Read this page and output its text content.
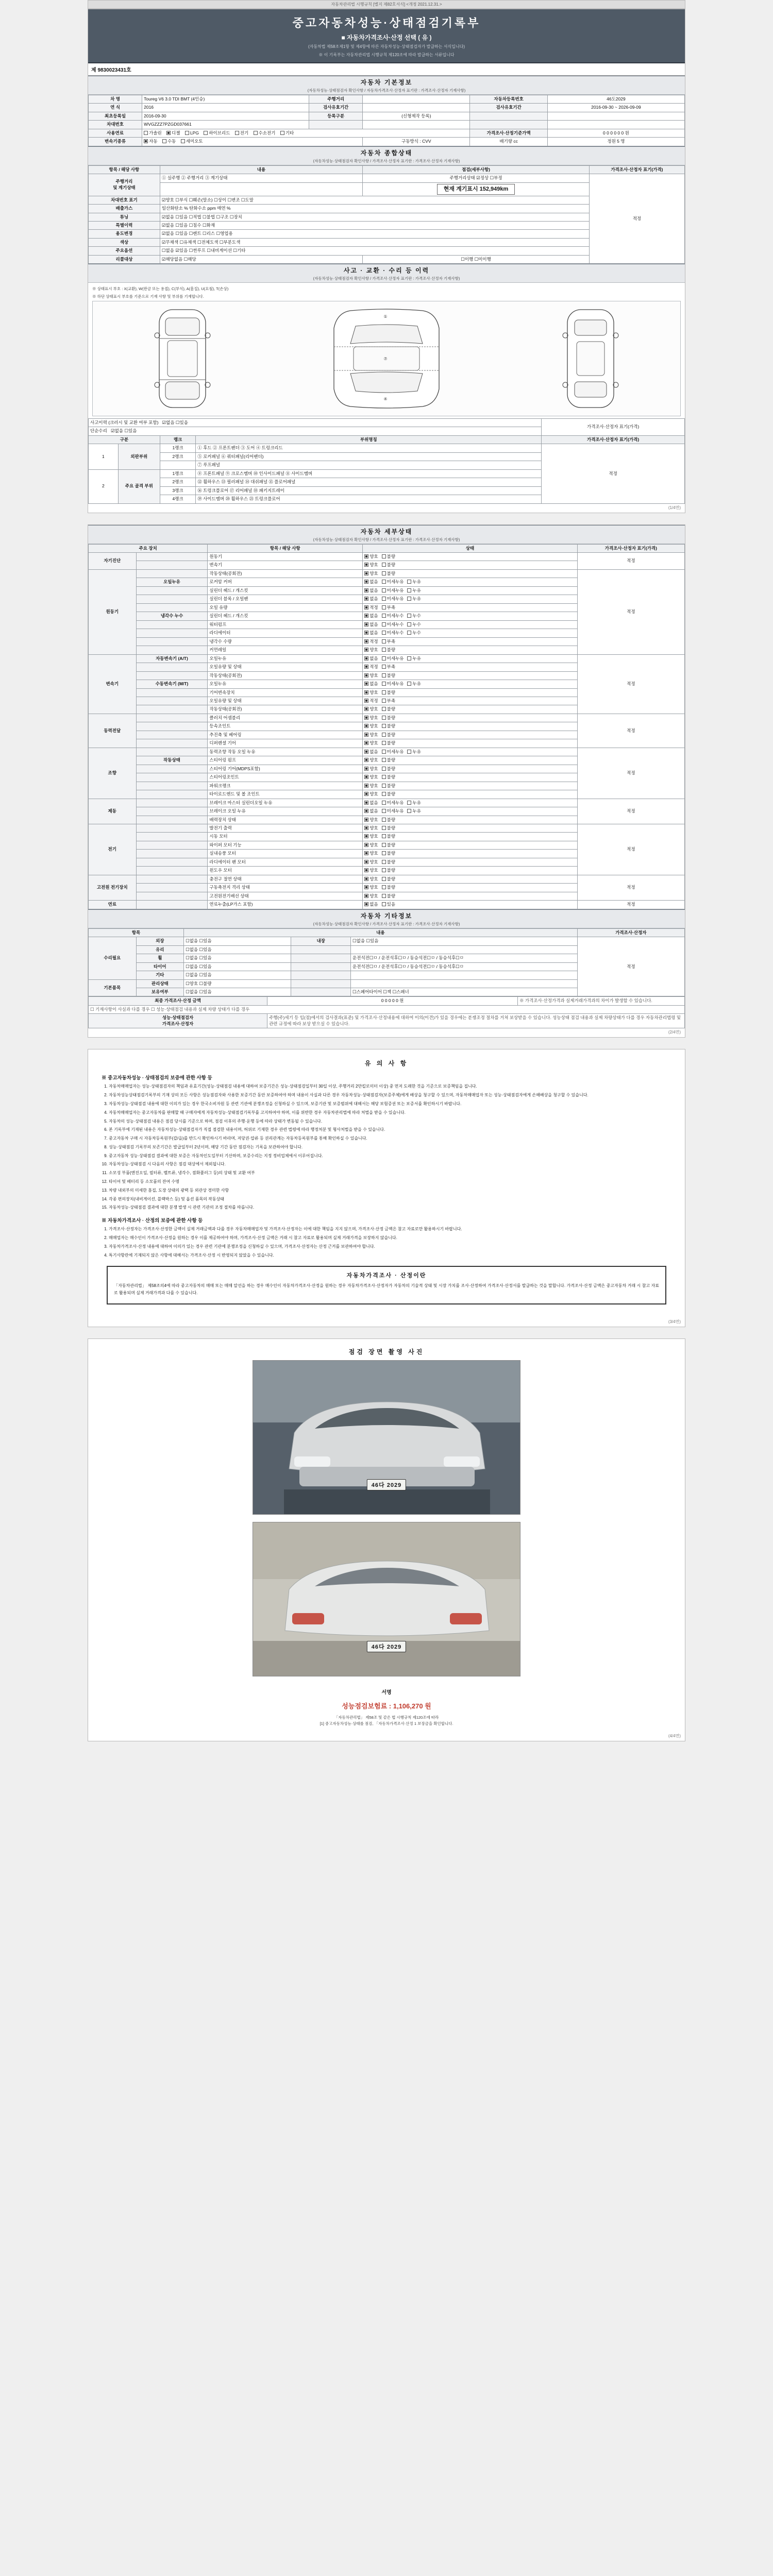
자동차관리법 시행규칙 [별지 제82호서식] <개정 2021.12.31.>
중고자동차성능·상태점검기록부
■ 자동차가격조사·산정 선택 ( 유 )
(자동차법 제58조제1항 및 제4항에 따른 자동차성능·상태점검자가 발급하는 서식입니다)
※ 이 기록부는 자동차관리법 시행규칙 제120조에 따라 발급하는 서류입니다
제 9830023431호
자동차 기본정보
(자동차성능·상태점검자 확인사항 / 자동차가격조사·산정자 표기란 : 가격조사·산정자 기재사항)
차 명	Toureg V6 3.0 TDI BMT (4인승)	주행거리		자동차등록번호	46도2029
연 식	2016	검사유효기간		검사유효기간	2016-09-30 ~ 2026-09-09
최초등록일	2016-09-30	등록구분	(신형제작 등록)		
차대번호	WVGZZZ7PZGD037661				
사용연료	가솔린 디젤 LPG 하이브리드 전기 수소전기 기타			가격조사·산정기준가액	0 0 0 0 0 0 원
변속기종류	자동 수동 세미오토		구동방식 : CVV	배기량 cc	정원 5 명
자동차 종합상태
(자동차성능·상태점검자 확인사항 / 가격조사·산정자 표기란 : 가격조사·산정자 기재사항)
항목 / 해당 사항	내용	점검(세부사항)	가격조사·산정자 표기(가격)
주행거리
및 계기상태	① 실주행 ② 주행거리 ③ 계기상태	주행거리상태 ☑정상 ☐부정	적정
		현재 계기표시 152,949km	
차대번호 표기	☑양호 ☐부식 ☐훼손(말소) ☐상이 ☐변조 ☐도말		
배출가스	일산화탄소 % 탄화수소 ppm 매연 %		
튜닝	☑없음 ☐있음 ☐적법 ☐불법 ☐구조 ☐장치		
특별이력	☑없음 ☐있음 ☐침수 ☐화재		
용도변경	☑없음 ☐있음 ☐렌트 ☐리스 ☐영업용		
색상	☑무채색 ☐유채색 ☐전체도색 ☐부분도색		
주요옵션	☐없음 ☑있음 ☐썬루프 ☐내비게이션 ☐기타		
리콜대상	☑해당없음 ☐해당	☐이행 ☐미이행	
사고 · 교환 · 수리 등 이력
(자동차성능·상태점검자 확인사항 / 가격조사·산정자 표기란 : 가격조사·산정자 기재사항)
※ 상태표시 부호 : X(교환), W(판금 또는 용접), C(부식), A(흠집), U(요철), T(손상)
※ 하단 상태표시 부호를 기준으로 기재 사항 및 부위를 기재합니다.
①
⑦
④
사고이력 (크러시 및 교환 여부 포함) ☑없음 ☐있음				가격조사·산정자 표기(가격)
단순수리 ☑없음 ☐있음				
구분		랭크	부위명칭	가격조사·산정자 표기(가격)
1	외판부위	1랭크	① 후드 ② 프론트팬더 ③ 도어 ④ 트렁크리드	적정
		2랭크	⑤ 로커패널 ⑥ 쿼터패널(리어팬더)	
			⑦ 루프패널	
2	주요 골격 부위	1랭크	⑧ 프론트패널 ⑨ 크로스멤버 ⑩ 인사이드패널 ⑪ 사이드멤버	
		2랭크	⑫ 휠하우스 ⑬ 필러패널 ⑭ 대쉬패널 ⑮ 플로어패널	
		3랭크	⑯ 트렁크플로어 ⑰ 리어패널 ⑱ 패키지트레이	
		4랭크	⑲ 사이드멤버 ⑳ 휠하우스 ㉑ 트렁크플로어	
(1/4면)
자동차 세부상태
(자동차성능·상태점검자 확인사항 / 가격조사·산정자 표기란 : 가격조사·산정자 기재사항)
주요 장치		항목 / 해당 사항	상태	가격조사·산정자 표기(가격)
자기진단		원동기	양호 불량	적정
		변속기	양호 불량	
원동기		작동상태(공회전)	양호 불량	적정
	오일누유	로커암 커버	없음 미세누유 누유	
		실린더 헤드 / 개스킷	없음 미세누유 누유	
		실린더 블록 / 오일팬	없음 미세누유 누유	
		오일 유량	적정 부족	
	냉각수 누수	실린더 헤드 / 개스킷	없음 미세누수 누수	
		워터펌프	없음 미세누수 누수	
		라디에이터	없음 미세누수 누수	
		냉각수 수량	적정 부족	
		커먼레일	양호 불량	
변속기	자동변속기 (A/T)	오일누유	없음 미세누유 누유	적정
		오일유량 및 상태	적정 부족	
		작동상태(공회전)	양호 불량	
	수동변속기 (M/T)	오일누유	없음 미세누유 누유	
		기어변속장치	양호 불량	
		오일유량 및 상태	적정 부족	
		작동상태(공회전)	양호 불량	
동력전달		클러치 어셈블리	양호 불량	적정
		등속조인트	양호 불량	
		추진축 및 베어링	양호 불량	
		디퍼렌셜 기어	양호 불량	
조향		동력조향 작동 오일 누유	없음 미세누유 누유	적정
	작동상태	스티어링 펌프	양호 불량	
		스티어링 기어(MDPS포함)	양호 불량	
		스티어링조인트	양호 불량	
		파워크랭크	양호 불량	
		타이로드엔드 및 볼 조인트	양호 불량	
제동		브레이크 마스터 실린더오일 누유	없음 미세누유 누유	적정
		브레이크 오일 누유	없음 미세누유 누유	
		배력장치 상태	양호 불량	
전기		발전기 출력	양호 불량	적정
		시동 모터	양호 불량	
		와이퍼 모터 기능	양호 불량	
		실내송풍 모터	양호 불량	
		라디에이터 팬 모터	양호 불량	
		윈도우 모터	양호 불량	
고전원 전기장치		충전구 절연 상태	양호 불량	적정
		구동축전지 격리 상태	양호 불량	
		고전원전기배선 상태	양호 불량	
연료		연료누출(LP가스 포함)	없음 있음	적정
자동차 기타정보
(자동차성능·상태점검자 확인사항 / 가격조사·산정자 표기란 : 가격조사·산정자 기재사항)
항목		내용			가격조사·산정자
수리필요	외장	☐없음 ☐있음	내장	☐없음 ☐있음	적정
	유리	☐없음 ☐있음			
	휠	☐없음 ☐있음		운전석전☐ㅁ / 운전석후☐ㅁ / 동승석전☐ㅁ / 동승석후☐ㅁ	
	타이어	☐없음 ☐있음		운전석전☐ㅁ / 운전석후☐ㅁ / 동승석전☐ㅁ / 동승석후☐ㅁ	
	기타	☐없음 ☐있음			
기본품목	관리상태	☐양호 ☐불량			
	보유여부	☐없음 ☐있음		☐스페어타이어 ☐잭 ☐스패너	
최종 가격조사·산정 금액	0 0 0 0 0 원	※ 가격조사·산정가격과 실제거래가격과의 차이가 발생할 수 있습니다.
☐ 기재사항이 사실과 다를 경우 ☐ 성능·상태점검 내용과 실제 차량 상태가 다를 경우		
성능·상태점검자
가격조사·산정자	주행(주)세기 등 입(점)에서의 검사결과(표준) 및 가격조사·산정내용에 대하여 이의(이견)가 있을 경우에는 분쟁조정 절차를 거쳐 보상받을 수 있습니다. 성능상태 점검 내용과 실제 차량상태가 다를 경우 자동차관리법령 및 관련 규정에 따라 보상 받으실 수 있습니다.	
(2/4면)
유 의 사 항
※ 중고자동차성능 · 상태점검의 보증에 관한 사항 등
1. 자동차매매업자는 성능·상태점검자의 책임과 유효기간(성능·상태점검 내용에 대하여 보증기간은 성능·상태점검일부터 30일 이상, 주행거리 2만킬로미터 이상) 중 먼저 도래한 것을 기준으로 보증책임을 집니다.
2. 자동차성능상태점검기록부의 기재 상의 모든 사항은 성능점검자와 사용한 보증기간 동안 보증하여야 하며 내용이 사실과 다른 경우 자동차성능·상태점검자(보증주체)에게 배상을 청구할 수 있으며, 자동차매매업자 또는 성능·상태점검자에게 손해배상을 청구할 수 있습니다.
3. 자동차성능·상태점검 내용에 대한 이의가 있는 경우 한국소비자원 등 관련 기관에 분쟁조정을 신청하실 수 있으며, 보증기관 및 보증범위에 대해서는 해당 보험증권 또는 보증서를 확인하시기 바랍니다.
4. 자동차매매업자는 중고자동차를 판매할 때 구매자에게 자동차성능·상태점검기록부를 고지하여야 하며, 이를 위반한 경우 자동차관리법에 따라 처벌을 받을 수 있습니다.
5. 자동차의 성능·상태점검 내용은 점검 당시를 기준으로 하며, 점검 이후의 주행·운행 등에 따라 상태가 변동될 수 있습니다.
6. 본 기록부에 기재된 내용은 자동차성능·상태점검자가 직접 점검한 내용이며, 허위로 기재한 경우 관련 법령에 따라 행정처분 및 형사처벌을 받을 수 있습니다.
7. 중고자동차 구매 시 자동차등록원부(갑/을)를 반드시 확인하시기 바라며, 저당권·압류 등 권리관계는 자동차등록원부를 통해 확인하실 수 있습니다.
8. 성능·상태점검 기록부의 보존기간은 발급일부터 2년이며, 해당 기간 동안 점검자는 기록을 보관하여야 합니다.
9. 중고자동차 성능·상태점검 결과에 대한 보증은 자동차인도일부터 기산하며, 보증수리는 지정 정비업체에서 이루어집니다.
10. 자동차성능·상태점검 시 다음의 사항은 점검 대상에서 제외됩니다.
11. 소모성 부품(엔진오일, 필터류, 벨트류, 냉각수, 점화플러그 등)의 상태 및 교환 여부
12. 타이어 및 배터리 등 소모품의 잔여 수명
13. 차량 내외부의 미세한 흠집, 도장 상태의 광택 등 외관상 경미한 사항
14. 각종 편의장치(내비게이션, 블랙박스 등) 및 옵션 품목의 작동상태
15. 자동차성능·상태점검 결과에 대한 분쟁 발생 시 관련 기관의 조정 절차를 따릅니다.
※ 자동차가격조사 · 산정의 보증에 관한 사항 등
1. 가격조사·산정자는 가격조사·산정한 금액이 실제 거래금액과 다를 경우 자동차매매업자 및 가격조사·산정자는 이에 대한 책임을 지지 않으며, 가격조사·산정 금액은 참고 자료로만 활용하시기 바랍니다.
2. 매매업자는 매수인이 가격조사·산정을 원하는 경우 이를 제공하여야 하며, 가격조사·산정 금액은 거래 시 참고 자료로 활용되며 실제 거래가격을 보장하지 않습니다.
3. 자동차가격조사·산정 내용에 대하여 이의가 있는 경우 관련 기관에 분쟁조정을 신청하실 수 있으며, 가격조사·산정자는 산정 근거를 보관하여야 합니다.
4. 특기사항란에 기재되지 않은 사항에 대해서는 가격조사·산정 시 반영되지 않았을 수 있습니다.
자동차가격조사 · 산정이란

「자동차관리법」 제58조의4에 따라 중고자동차의 매매 또는 매매 알선을 하는 경우 매수인이 자동차가격조사·산정을 원하는 경우 자동차가격조사·산정자가 자동차의 기술적 상태 및 시장 가치를 조사·산정하여 가격조사·산정서를 발급하는 것을 말합니다. 가격조사·산정 금액은 중고자동차 거래 시 참고 자료로 활용되며 실제 거래가격과 다를 수 있습니다.

(3/4면)
점검 장면 촬영 사진
46다 2029
46다 2029
서명
성능점검보험료 : 1,106,270 원
「자동차관리법」 제58조 및 같은 법 시행규칙 제120조에 따라
[1] 중고자동차성능·상태를 점검, 「자동차가격조사·산정 1 보장금을 확인합니다.
(4/4면)
